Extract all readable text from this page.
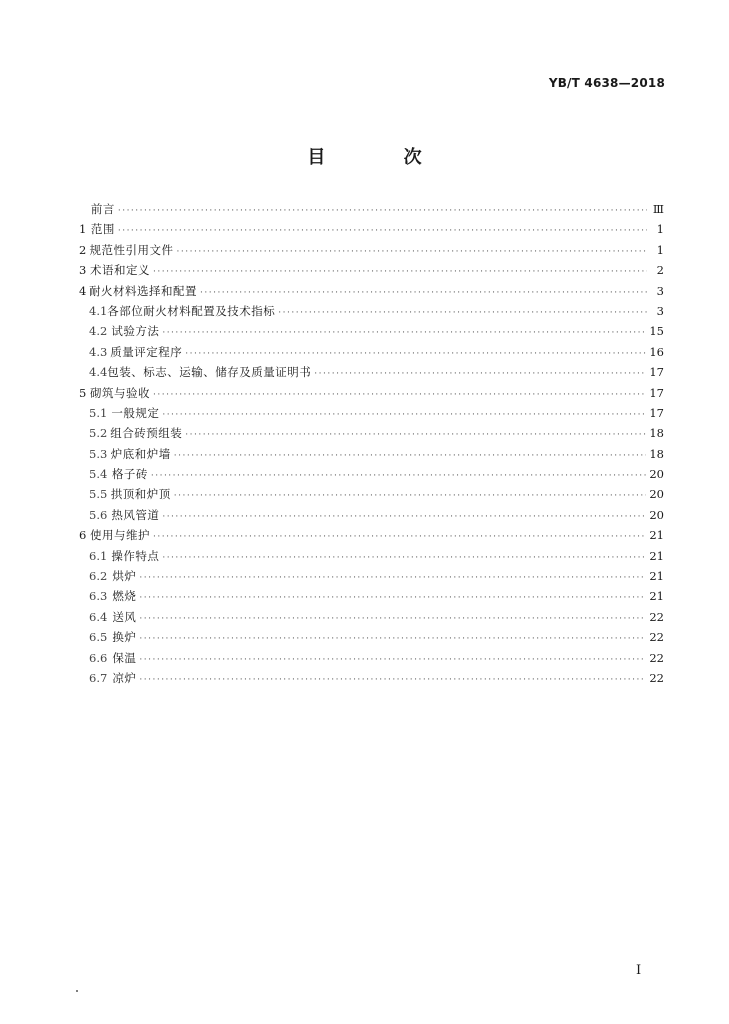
YB/T 4638—2018
目 次
前言 ·····	Ⅲ
1 范围 ·····	1
2 规范性引用文件 ·····	1
3 术语和定义 ·····	2
4 耐火材料选择和配置 ·····	3
4.1 各部位耐火材料配置及技术指标 ·····	3
4.2 试验方法 ·····	15
4.3 质量评定程序 ·····	16
4.4 包装、标志、运输、储存及质量证明书 ·····	17
5 砌筑与验收 ·····	17
5.1 一般规定 ·····	17
5.2 组合砖预组装 ·····	18
5.3 炉底和炉墙 ·····	18
5.4 格子砖 ·····	20
5.5 拱顶和炉顶 ·····	20
5.6 热风管道 ·····	20
6 使用与维护 ·····	21
6.1 操作特点 ·····	21
6.2 烘炉 ·····	21
6.3 燃烧 ·····	21
6.4 送风 ·····	22
6.5 换炉 ·····	22
6.6 保温 ·····	22
6.7 凉炉 ·····	22
I
